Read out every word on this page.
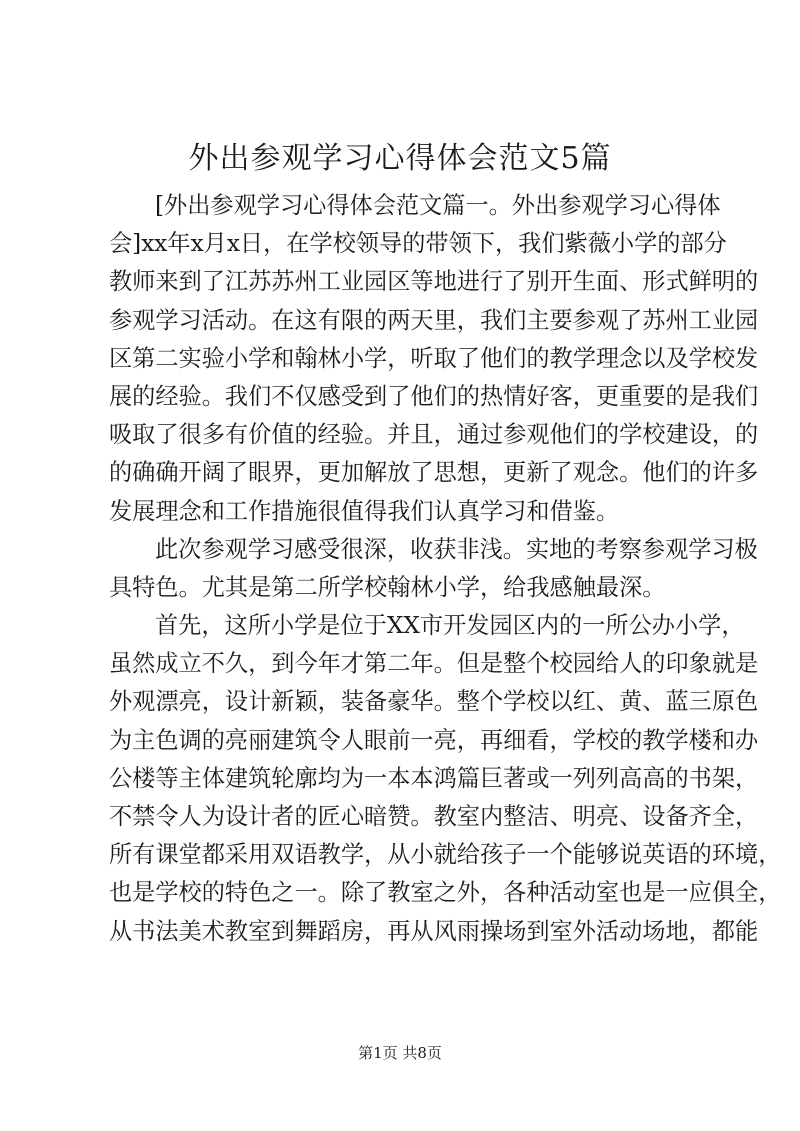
外出参观学习心得体会范文5篇
[外出参观学习心得体会范文篇一。外出参观学习心得体
会]xx年x月x日，在学校领导的带领下，我们紫薇小学的部分
教师来到了江苏苏州工业园区等地进行了别开生面、形式鲜明的
参观学习活动。在这有限的两天里，我们主要参观了苏州工业园
区第二实验小学和翰林小学，听取了他们的教学理念以及学校发
展的经验。我们不仅感受到了他们的热情好客，更重要的是我们
吸取了很多有价值的经验。并且，通过参观他们的学校建设，的
的确确开阔了眼界，更加解放了思想，更新了观念。他们的许多
发展理念和工作措施很值得我们认真学习和借鉴。
此次参观学习感受很深，收获非浅。实地的考察参观学习极
具特色。尤其是第二所学校翰林小学，给我感触最深。
首先，这所小学是位于XX市开发园区内的一所公办小学，
虽然成立不久，到今年才第二年。但是整个校园给人的印象就是
外观漂亮，设计新颖，装备豪华。整个学校以红、黄、蓝三原色
为主色调的亮丽建筑令人眼前一亮，再细看，学校的教学楼和办
公楼等主体建筑轮廓均为一本本鸿篇巨著或一列列高高的书架，
不禁令人为设计者的匠心暗赞。教室内整洁、明亮、设备齐全，
所有课堂都采用双语教学，从小就给孩子一个能够说英语的环境，
也是学校的特色之一。除了教室之外，各种活动室也是一应俱全，
从书法美术教室到舞蹈房，再从风雨操场到室外活动场地，都能
第1页 共8页
